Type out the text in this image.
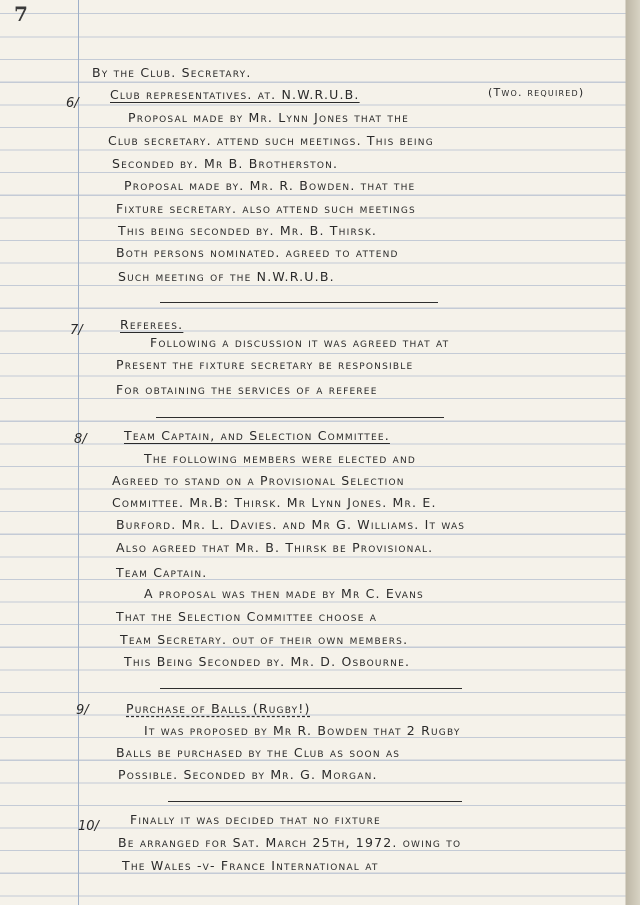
7
6/
7/
8/
9/
10/
By the Club. Secretary.
Club representatives. at. N.W.R.U.B.	(Two. required)
Proposal made by Mr. Lynn Jones that the
Club secretary. attend such meetings. This being
Seconded by. Mr B. Brotherston.
Proposal made by. Mr. R. Bowden. that the
Fixture secretary. also attend such meetings
This being seconded by. Mr. B. Thirsk.
Both persons nominated. agreed to attend
Such meeting of the N.W.R.U.B.
Referees.
Following a discussion it was agreed that at
Present the fixture secretary be responsible
For obtaining the services of a referee
Team Captain, and Selection Committee.
The following members were elected and
Agreed to stand on a Provisional Selection
Committee. Mr.B: Thirsk. Mr Lynn Jones. Mr. E.
Burford. Mr. L. Davies. and Mr G. Williams. It was
Also agreed that Mr. B. Thirsk be Provisional.
Team Captain.
A proposal was then made by Mr C. Evans
That the Selection Committee choose a
Team Secretary. out of their own members.
This Being Seconded by. Mr. D. Osbourne.
Purchase of Balls (Rugby!)
It was proposed by Mr R. Bowden that 2 Rugby
Balls be purchased by the Club as soon as
Possible. Seconded by Mr. G. Morgan.
Finally it was decided that no fixture
Be arranged for Sat. March 25th, 1972. owing to
The Wales -v- France International at
